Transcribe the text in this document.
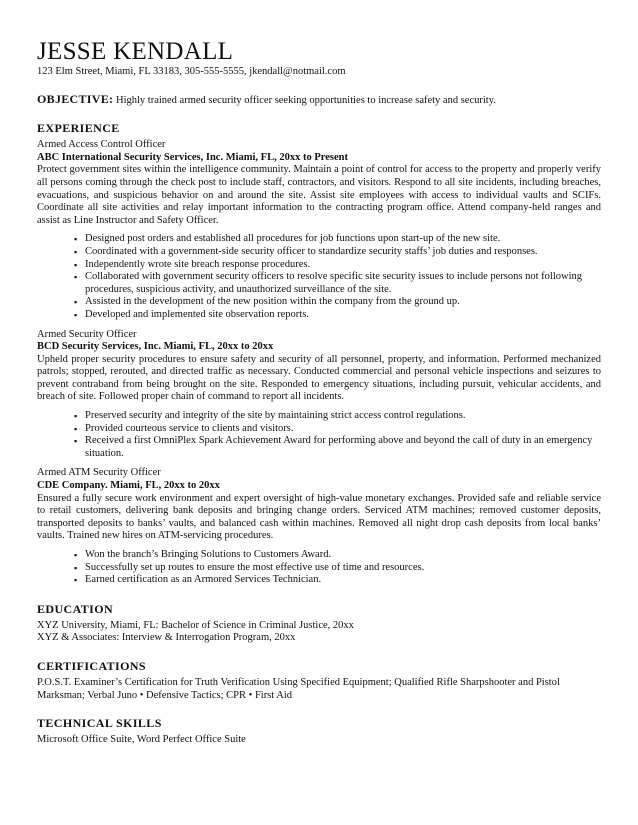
JESSE KENDALL
123 Elm Street, Miami, FL 33183, 305-555-5555, jkendall@notmail.com
OBJECTIVE: Highly trained armed security officer seeking opportunities to increase safety and security.
EXPERIENCE
Armed Access Control Officer
ABC International Security Services, Inc. Miami, FL, 20xx to Present
Protect government sites within the intelligence community. Maintain a point of control for access to the property and properly verify all persons coming through the check post to include staff, contractors, and visitors. Respond to all site incidents, including breaches, evacuations, and suspicious behavior on and around the site. Assist site employees with access to individual vaults and SCIFs. Coordinate all site activities and relay important information to the contracting program office. Attend company-held ranges and assist as Line Instructor and Safety Officer.
▪ Designed post orders and established all procedures for job functions upon start-up of the new site.
▪ Coordinated with a government-side security officer to standardize security staffs’ job duties and responses.
▪ Independently wrote site breach response procedures.
▪ Collaborated with government security officers to resolve specific site security issues to include persons not following procedures, suspicious activity, and unauthorized surveillance of the site.
▪ Assisted in the development of the new position within the company from the ground up.
▪ Developed and implemented site observation reports.
Armed Security Officer
BCD Security Services, Inc. Miami, FL, 20xx to 20xx
Upheld proper security procedures to ensure safety and security of all personnel, property, and information. Performed mechanized patrols; stopped, rerouted, and directed traffic as necessary. Conducted commercial and personal vehicle inspections and seizures to prevent contraband from being brought on the site. Responded to emergency situations, including pursuit, vehicular accidents, and breach of site. Followed proper chain of command to report all incidents.
▪ Preserved security and integrity of the site by maintaining strict access control regulations.
▪ Provided courteous service to clients and visitors.
▪ Received a first OmniPlex Spark Achievement Award for performing above and beyond the call of duty in an emergency situation.
Armed ATM Security Officer
CDE Company. Miami, FL, 20xx to 20xx
Ensured a fully secure work environment and expert oversight of high-value monetary exchanges. Provided safe and reliable service to retail customers, delivering bank deposits and bringing change orders. Serviced ATM machines; removed customer deposits, transported deposits to banks’ vaults, and balanced cash within machines. Removed all night drop cash deposits from local banks’ vaults. Trained new hires on ATM-servicing procedures.
▪ Won the branch’s Bringing Solutions to Customers Award.
▪ Successfully set up routes to ensure the most effective use of time and resources.
▪ Earned certification as an Armored Services Technician.
EDUCATION
XYZ University, Miami, FL: Bachelor of Science in Criminal Justice, 20xx
XYZ & Associates: Interview & Interrogation Program, 20xx
CERTIFICATIONS
P.O.S.T. Examiner’s Certification for Truth Verification Using Specified Equipment; Qualified Rifle Sharpshooter and Pistol Marksman; Verbal Juno • Defensive Tactics; CPR • First Aid
TECHNICAL SKILLS
Microsoft Office Suite, Word Perfect Office Suite
